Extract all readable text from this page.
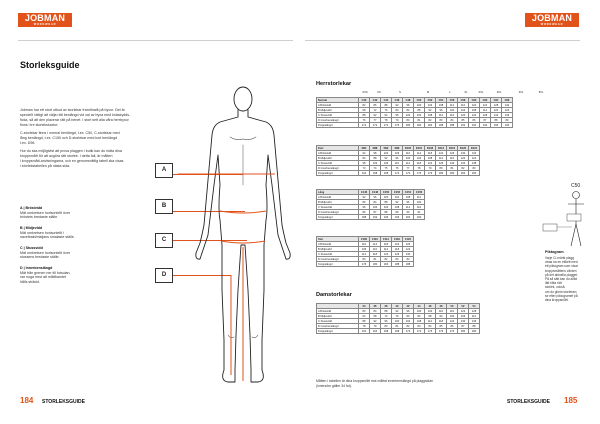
JOBMAN
WORKWEAR
JOBMAN
WORKWEAR
Storleksguide
Jobman har ett stort utbud av storlekar framförallt på byxor. Det är
speciellt viktigt att välja rätt benlängd vid val av byxa med knäskydds-
ficka, så att den placerar rätt på benet. I stort sett alla våra herrbyxor
finns i tre storlekskartor:
C-storlekar finns i normal benlängd, t.ex. C50, C-storlekar med
lång benlängd, t.ex. C150 och D-storlekar med kort benlängd
t.ex. D96.
Hur du ska möjligtvist att prova plaggen i butik kan du mäta dina
kroppsmått för att avgöra rätt storlek. I detta fall, är måtten
i kroppsmått-anvisningarna, och en genomsnittlig tabell ska visas
i storlekstabellen på nästa sida.
A | Bröstvidd
Mät omkretsen horisontellt över
bröstets bredaste ställe.
B | Midjevidd
Mät omkretsen horisontellt i
naveltrakt/midjans smalaste ställe.
C | Stussvidd
Mät omkretsen horisontellt över
stussens bredaste ställe.
D | Innerbenslängd
Mät från grenen ner till fotsulan,
var noga med att måttbandet
hålls sträckt.
A
B
C
D
Herrstorlekar
	XXS	XS	S	M	L	XL	XXL	3XL	4XL	5XL
Normal	C40	C42	C44	C46	C48	C50	C52	C54	C56	C58	C60	C62	C64	C66
A Bröstvidd	82	86	88	92	96	100	104	108	112	116	120	124	128	132
B Midjevidd	68	72	76	80	84	88	92	96	100	104	108	114	120	126
C Stussvidd	88	92	94	96	100	104	108	112	116	120	124	128	132	136
D Innerbenslängd	76	77	78	79	80	81	82	83	84	85	86	87	88	89
Kroppslängd	172	172	172	176	180	184	184	188	188	192	192	192	196	196
Kort	D84	D88	D92	D96	D100	D104	D108	D112	D116	D120	D124
A Bröstvidd	94	98	102	106	110	114	118	122	126	130	134
B Midjevidd	84	88	92	96	100	104	108	112	116	120	124
C Stussvidd	98	102	106	110	114	118	122	126	130	134	138
D Innerbenslängd	73	74	75	76	77	78	79	80	81	82	83
Kroppslängd	164	168	168	172	172	176	176	180	180	184	184
Lång	C146	C148	C150	C152	C154	C156
A Bröstvidd	92	96	100	104	108	112
B Midjevidd	80	84	88	92	96	100
C Stussvidd	96	100	104	108	112	116
D Innerbenslängd	86	87	88	89	90	91
Kroppslängd	188	192	196	196	200	200
Stor	F106	F110	F114	F118	F122
A Bröstvidd	110	114	118	122	126
B Midjevidd	106	110	114	118	122
C Stussvidd	114	118	122	126	130
D Innerbenslängd	80	81	82	83	84
Kroppslängd	176	180	184	188	188
Damstorlekar
	34	36	38	40	42	44	46	48	50	52	54
A Bröstvidd	80	84	88	92	96	100	104	110	116	122	128
B Midjevidd	64	68	72	76	80	84	88	94	100	106	112
C Stussvidd	88	92	96	100	104	108	112	118	124	130	136
D Innerbenslängd	78	79	80	81	82	83	84	85	86	87	88
Kroppslängd	164	164	168	168	172	172	176	176	176	180	180
Måtten i tabellen är dina kroppsmått mot måttat innerbenslängd på plaggsidan
(innersöm gäller 34 fot).
C50
Piktogram
Varje C/-märkt plagg
visas ha en etikett med
ett piktogram som visar
kroppsmåttens värden
på det aktuella plagget.
På så sätt kan du alltid
lätt hitta rätt
storlek, också
om du glömt storleken,
se efter piktogramet på
dina kroppsmått.
184 STORLEKSGUIDE	STORLEKSGUIDE 185
